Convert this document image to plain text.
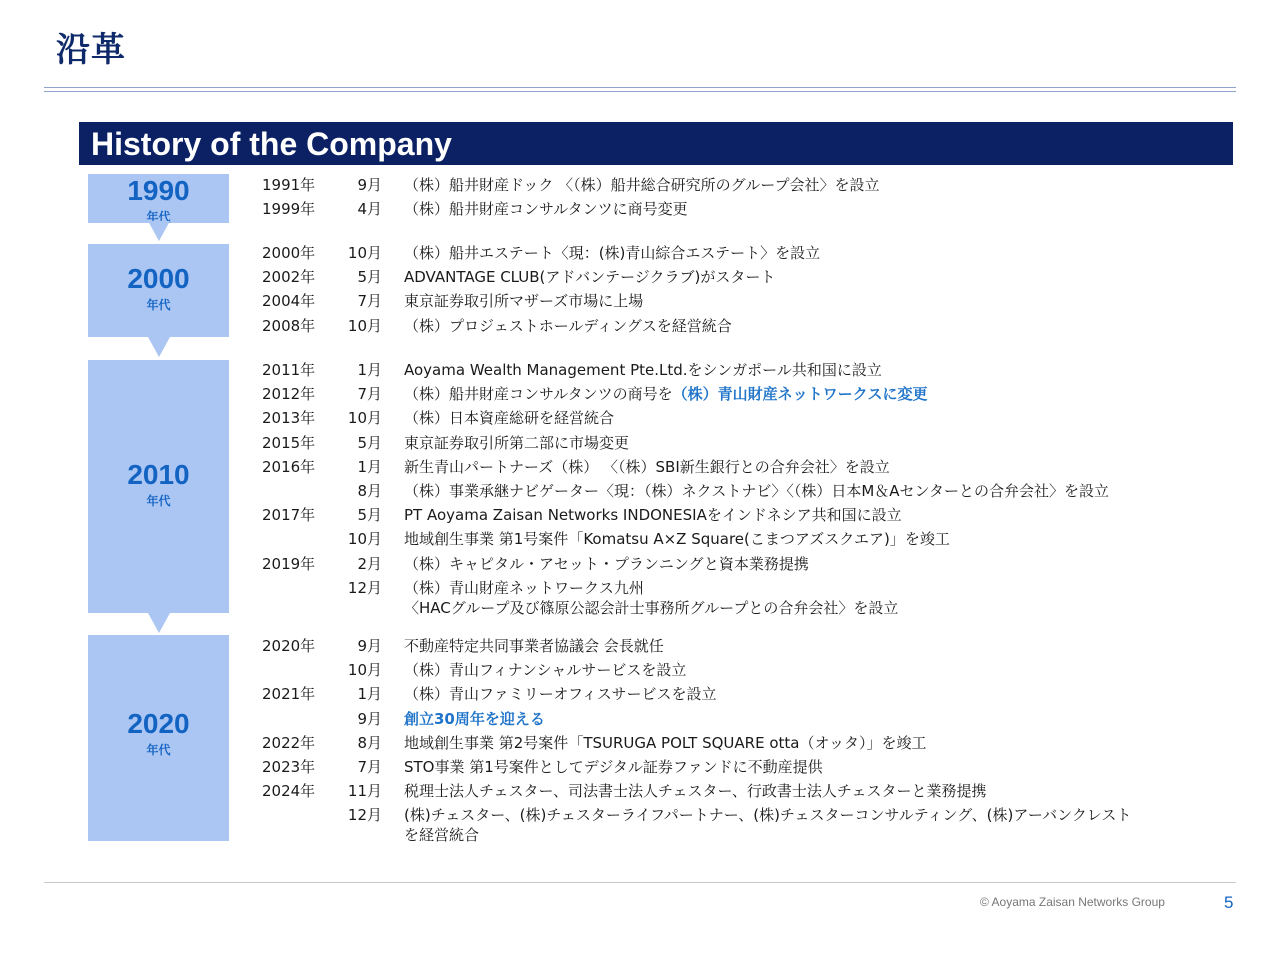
沿革
History of the Company
1990
年代
2000
年代
2010
年代
2020
年代
1991年	9月 （株）船井財産ドック 〈（株）船井総合研究所のグループ会社〉を設立
1999年	4月 （株）船井財産コンサルタンツに商号変更
2000年	10月 （株）船井エステート〈現：(株)青山綜合エステート〉を設立
2002年	5月 ADVANTAGE CLUB(アドバンテージクラブ)がスタート
2004年	7月 東京証券取引所マザーズ市場に上場
2008年	10月 （株）プロジェストホールディングスを経営統合
2011年	1月 Aoyama Wealth Management Pte.Ltd.をシンガポール共和国に設立
2012年	7月 （株）船井財産コンサルタンツの商号を（株）青山財産ネットワークスに変更
2013年	10月 （株）日本資産総研を経営統合
2015年	5月 東京証券取引所第二部に市場変更
2016年	1月 新生青山パートナーズ（株） 〈（株）SBI新生銀行との合弁会社〉を設立
8月 （株）事業承継ナビゲーター〈現：（株）ネクストナビ〉〈（株）日本M＆Aセンターとの合弁会社〉を設立
2017年	5月 PT Aoyama Zaisan Networks INDONESIAをインドネシア共和国に設立
10月 地域創生事業 第1号案件「Komatsu A×Z Square(こまつアズスクエア)」を竣工
2019年	2月 （株）キャピタル・アセット・プランニングと資本業務提携
12月 （株）青山財産ネットワークス九州
〈HACグループ及び篠原公認会計士事務所グループとの合弁会社〉を設立
2020年	9月 不動産特定共同事業者協議会 会長就任
10月 （株）青山フィナンシャルサービスを設立
2021年	1月 （株）青山ファミリーオフィスサービスを設立
9月 創立30周年を迎える
2022年	8月 地域創生事業 第2号案件「TSURUGA POLT SQUARE otta（オッタ）」を竣工
2023年	7月 STO事業 第1号案件としてデジタル証券ファンドに不動産提供
2024年	11月 税理士法人チェスター、司法書士法人チェスター、行政書士法人チェスターと業務提携
12月 (株)チェスター、(株)チェスターライフパートナー、(株)チェスターコンサルティング、(株)アーバンクレスト
を経営統合
© Aoyama Zaisan Networks Group	5
